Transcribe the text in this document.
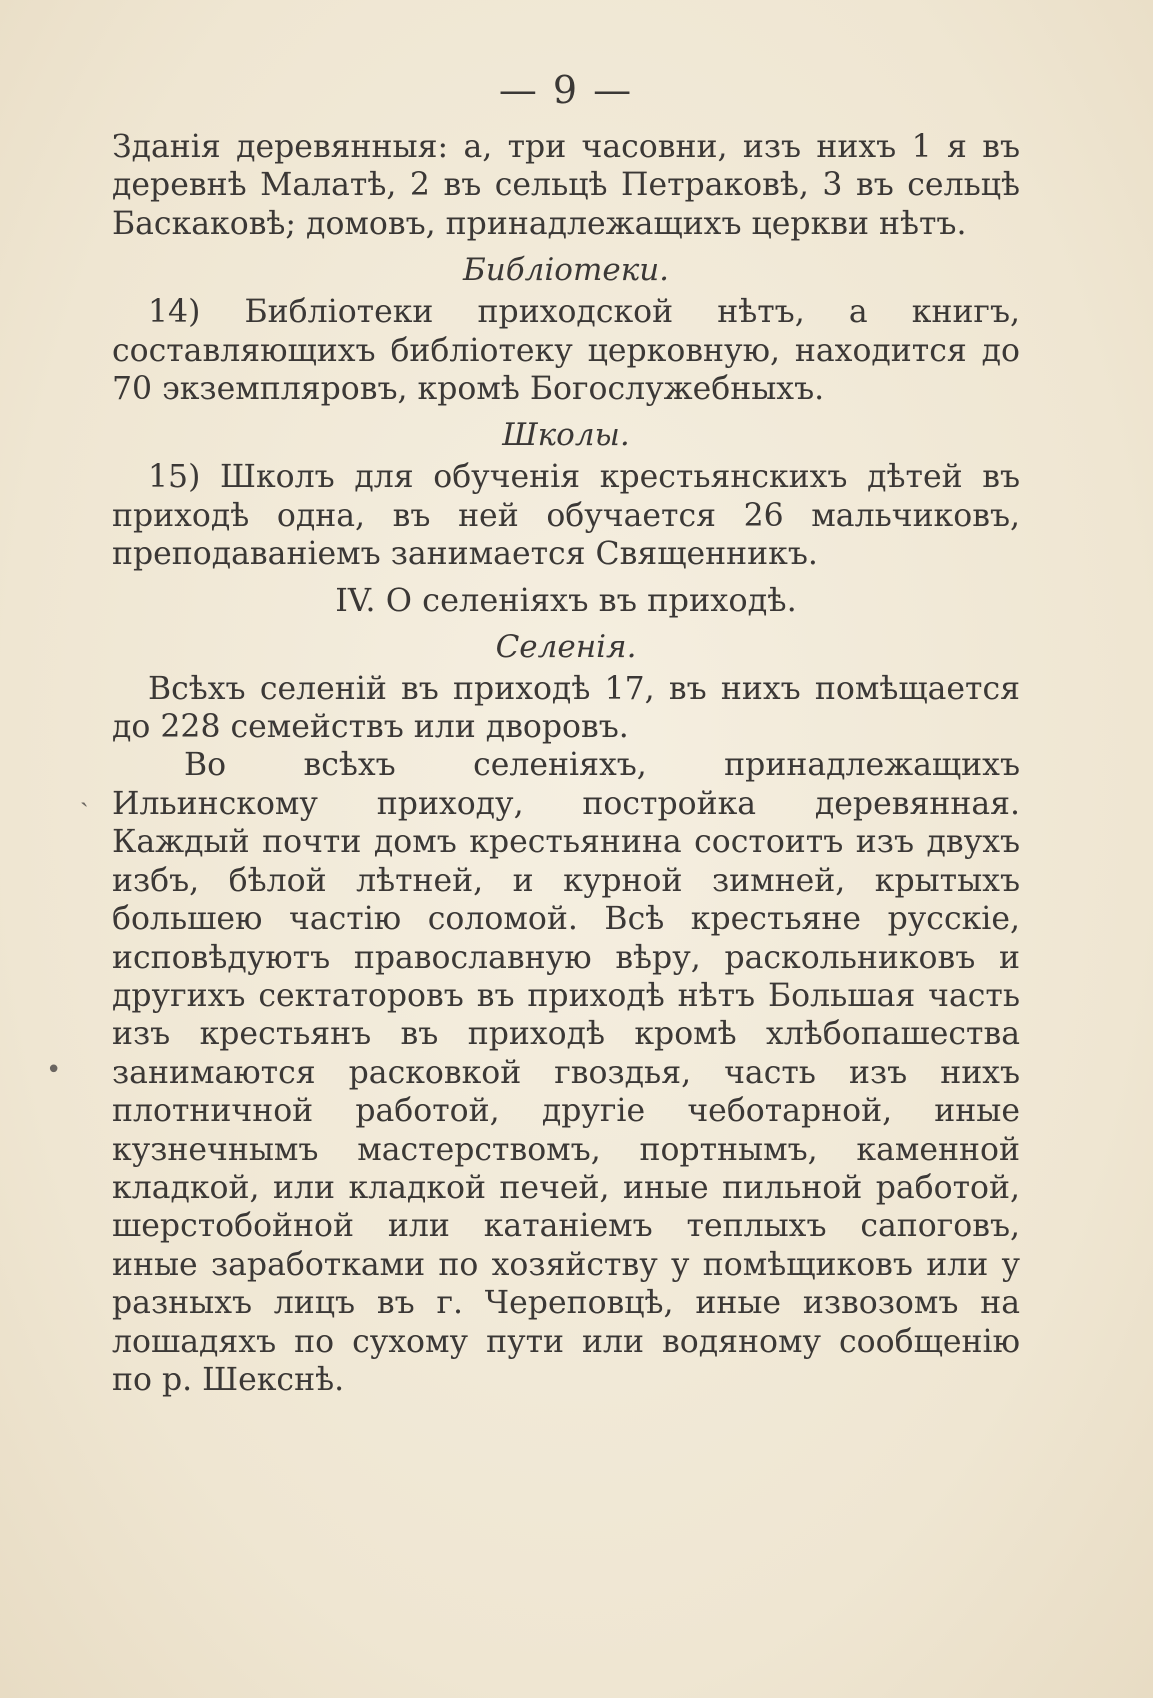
ˎ
•
— 9 —

Зданія деревянныя: а, три часовни, изъ нихъ 1 я въ деревнѣ Малатѣ, 2 въ сельцѣ Петраковѣ, 3 въ сельцѣ Баскаковѣ; домовъ, принадлежащихъ церкви нѣтъ.

Библіотеки.

14) Библіотеки приходской нѣтъ, а книгъ, составляющихъ библіотеку церковную, находится до 70 экземпляровъ, кромѣ Богослужебныхъ.

Школы.

15) Школъ для обученія крестьянскихъ дѣтей въ приходѣ одна, въ ней обучается 26 мальчиковъ, преподаваніемъ занимается Священникъ.

IV. О селеніяхъ въ приходѣ.
Селенія.

Всѣхъ селеній въ приходѣ 17, въ нихъ помѣщается до 228 семействъ или дворовъ.

Во всѣхъ селеніяхъ, принадлежащихъ Ильинскому приходу, постройка деревянная. Каждый почти домъ крестьянина состоитъ изъ двухъ избъ, бѣлой лѣтней, и курной зимней, крытыхъ большею частію соломой. Всѣ крестьяне русскіе, исповѣдуютъ православную вѣру, раскольниковъ и другихъ сектаторовъ въ приходѣ нѣтъ Большая часть изъ крестьянъ въ приходѣ кромѣ хлѣбопашества занимаются расковкой гвоздья, часть изъ нихъ плотничной работой, другіе чеботарной, иные кузнечнымъ мастерствомъ, портнымъ, каменной кладкой, или кладкой печей, иные пильной работой, шерстобойной или катаніемъ теплыхъ сапоговъ, иные заработками по хозяйству у помѣщиковъ или у разныхъ лицъ въ г. Череповцѣ, иные извозомъ на лошадяхъ по сухому пути или водяному сообщенію по р. Шекснѣ.
